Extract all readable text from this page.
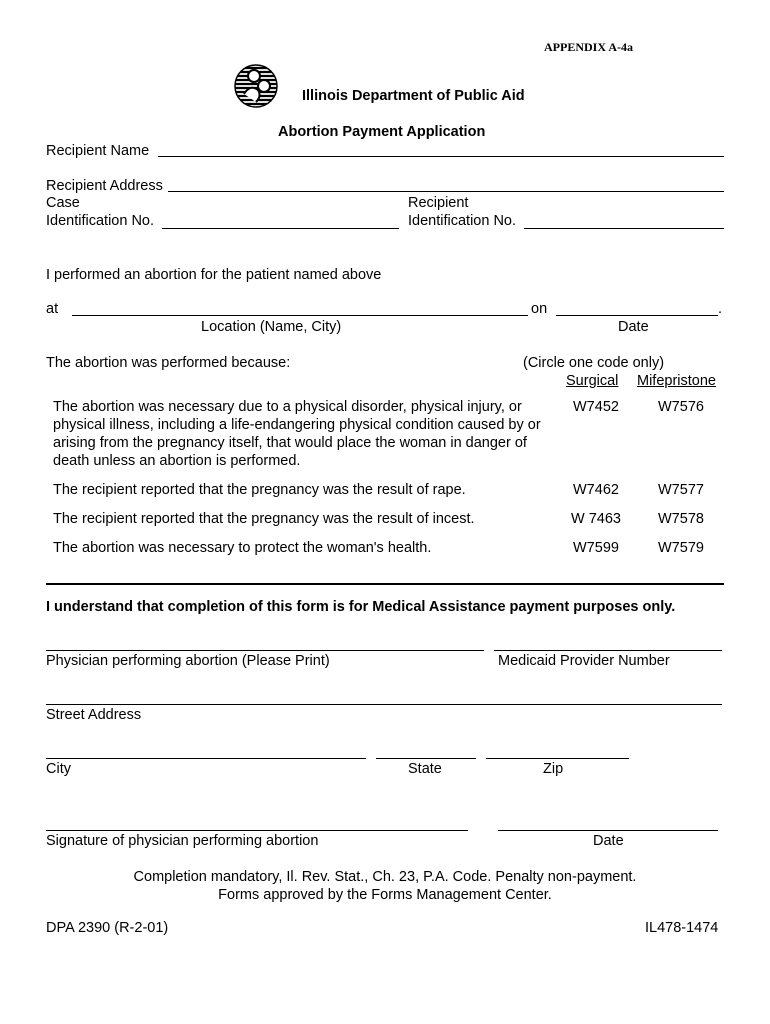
APPENDIX A-4a
Illinois Department of Public Aid
Abortion Payment Application
Recipient Name
Recipient Address
Case
Identification No.
Recipient
Identification No.
I performed an abortion for the patient named above
at	on	.
Location (Name, City)	Date
The abortion was performed because:	(Circle one code only)
Surgical Mifepristone
The abortion was necessary due to a physical disorder, physical injury, or physical illness, including a life-endangering physical condition caused by or arising from the pregnancy itself, that would place the woman in danger of death unless an abortion is performed.
W7452	W7576
The recipient reported that the pregnancy was the result of rape.	W7462	W7577
The recipient reported that the pregnancy was the result of incest.	W 7463	W7578
The abortion was necessary to protect the woman's health.	W7599	W7579
I understand that completion of this form is for Medical Assistance payment purposes only.
Physician performing abortion (Please Print)	Medicaid Provider Number
Street Address
City	State	Zip
Signature of physician performing abortion	Date
Completion mandatory, Il. Rev. Stat., Ch. 23, P.A. Code. Penalty non-payment.
Forms approved by the Forms Management Center.
DPA 2390 (R-2-01)	IL478-1474
